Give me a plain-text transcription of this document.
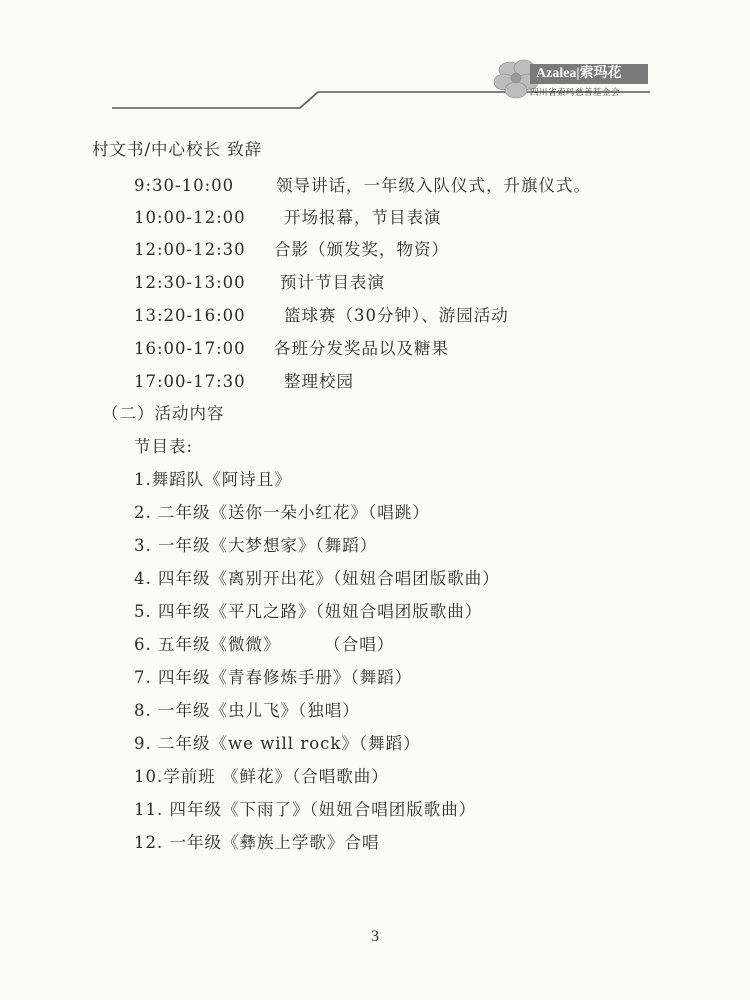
Azalea|索玛花
四川省索玛慈善基金会
村文书/中心校长 致辞
9:30-10:00	领导讲话，一年级入队仪式，升旗仪式。
10:00-12:00 开场报幕，节目表演
12:00-12:30 合影（颁发奖，物资）
12:30-13:00 预计节目表演
13:20-16:00 篮球赛（30分钟）、游园活动
16:00-17:00 各班分发奖品以及糖果
17:00-17:30 整理校园
（二）活动内容
节目表:
1.舞蹈队《阿诗且》
2. 二年级《送你一朵小红花》（唱跳）
3. 一年级《大梦想家》（舞蹈）
4. 四年级《离别开出花》（妞妞合唱团版歌曲）
5. 四年级《平凡之路》（妞妞合唱团版歌曲）
6. 五年级《微微》       （合唱）
7. 四年级《青春修炼手册》（舞蹈）
8. 一年级《虫儿飞》（独唱）
9. 二年级《we will rock》（舞蹈）
10.学前班 《鲜花》（合唱歌曲）
11. 四年级《下雨了》（妞妞合唱团版歌曲）
12. 一年级《彝族上学歌》合唱
3
